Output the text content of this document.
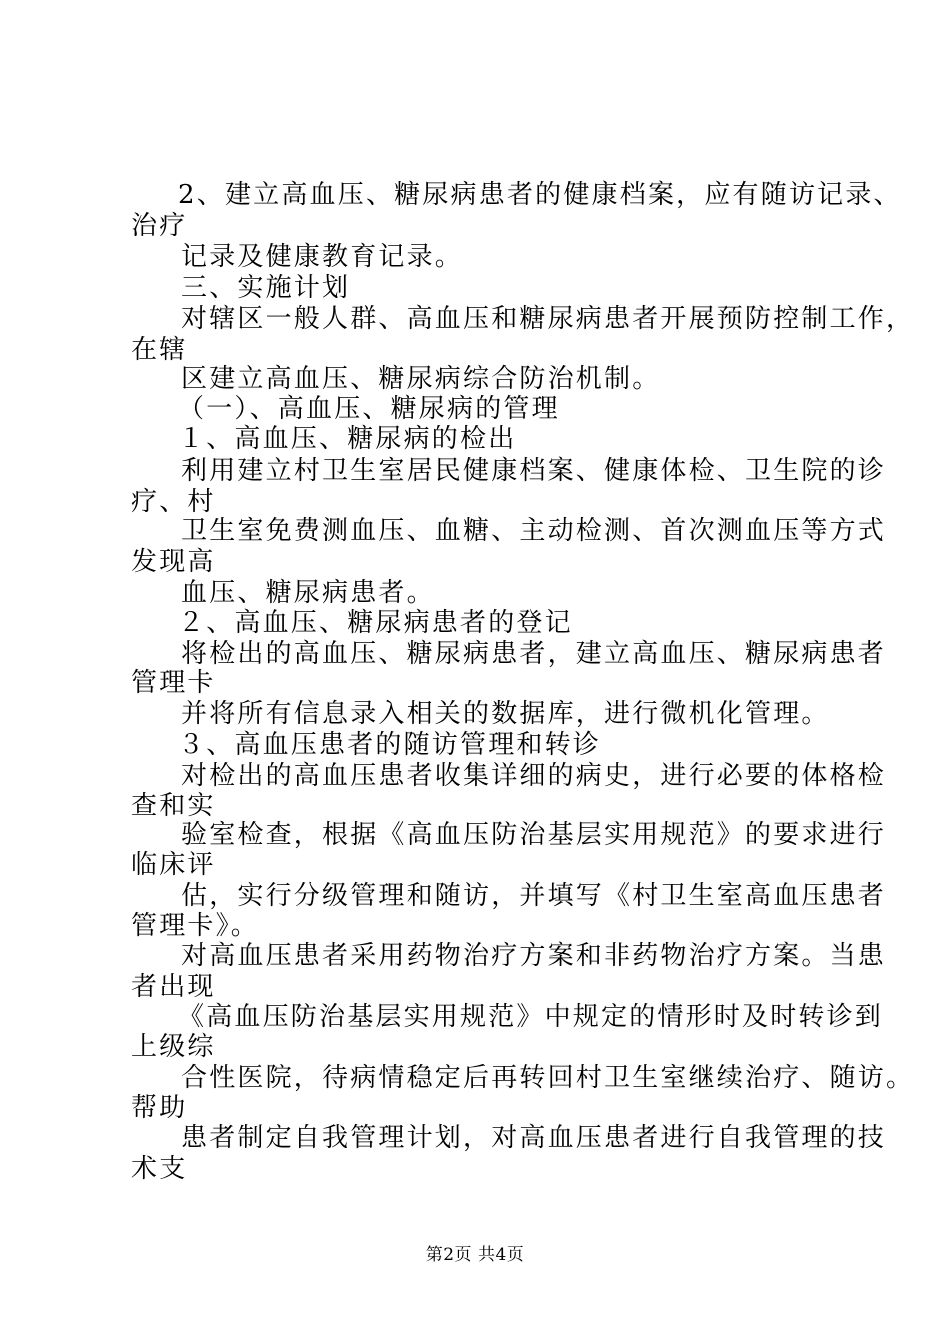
2、建立高血压、糖尿病患者的健康档案，应有随访记录、
治疗
记录及健康教育记录。
三、实施计划
对辖区一般人群、高血压和糖尿病患者开展预防控制工作，
在辖
区建立高血压、糖尿病综合防治机制。
（一）、高血压、糖尿病的管理
１、高血压、糖尿病的检出
利用建立村卫生室居民健康档案、健康体检、卫生院的诊
疗、村
卫生室免费测血压、血糖、主动检测、首次测血压等方式
发现高
血压、糖尿病患者。
２、高血压、糖尿病患者的登记
将检出的高血压、糖尿病患者，建立高血压、糖尿病患者
管理卡
并将所有信息录入相关的数据库，进行微机化管理。
３、高血压患者的随访管理和转诊
对检出的高血压患者收集详细的病史，进行必要的体格检
查和实
验室检查，根据《高血压防治基层实用规范》的要求进行
临床评
估，实行分级管理和随访，并填写《村卫生室高血压患者
管理卡》。
对高血压患者采用药物治疗方案和非药物治疗方案。当患
者出现
《高血压防治基层实用规范》中规定的情形时及时转诊到
上级综
合性医院，待病情稳定后再转回村卫生室继续治疗、随访。
帮助
患者制定自我管理计划，对高血压患者进行自我管理的技
术支
第2页 共4页
